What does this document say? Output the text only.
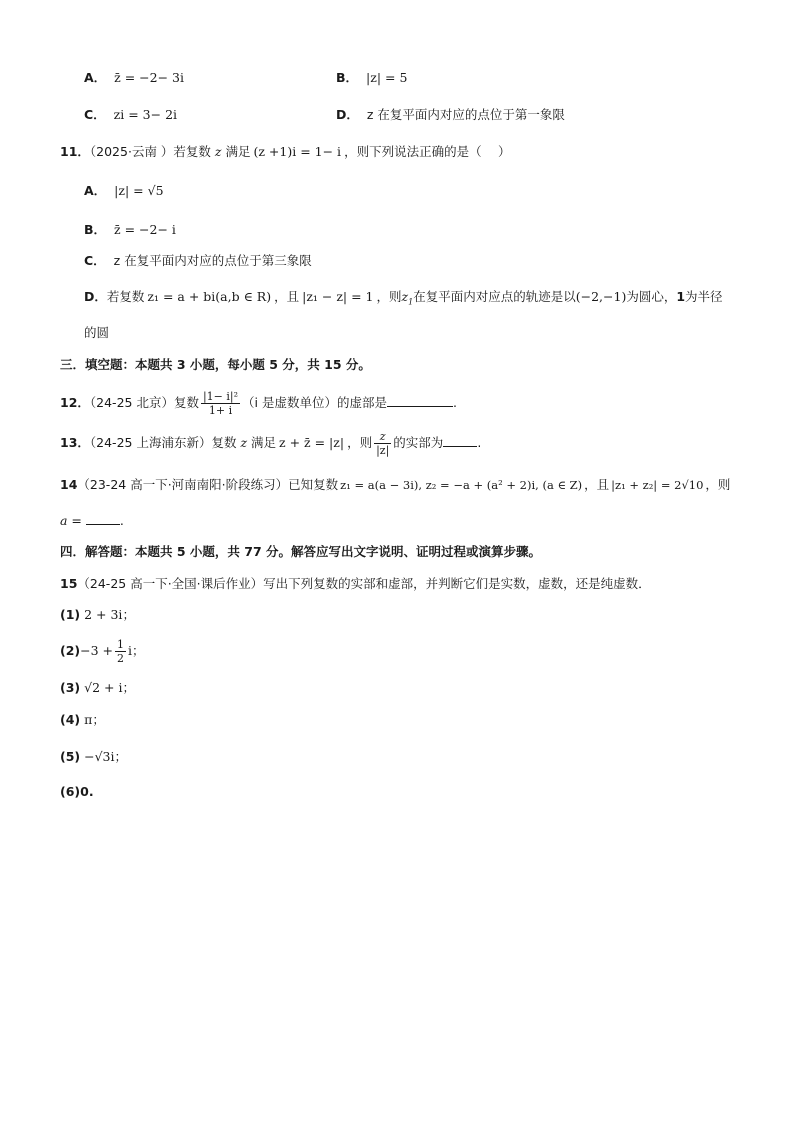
A． z̄ = −2− 3i	B． |z| = 5
C． zi = 3− 2i	D． z 在复平面内对应的点位于第一象限
11．（2025·云南 ）若复数 z 满足 (z +1)i = 1− i ，则下列说法正确的是（　 ）
A． |z| = √5
B． z̄ = −2− i
C． z 在复平面内对应的点位于第三象限
D．若复数 z₁ = a + bi(a,b ∈ R) ，且 |z₁ − z| = 1 ，则$z_1$在复平面内对应点的轨迹是以(−2,−1)为圆心，1为半径
的圆
三．填空题：本题共 3 小题，每小题 5 分，共 15 分。
12．（24-25 北京）复数 $\frac{\text{|1− i|²}}{1+ i} (i$ 是虚数单位）的虚部是	.
13．（24-25 上海浦东新）复数 z 满足 z + z̄ = |z| ，则 $\frac{z}{|z|}$ 的实部为	.
14（23-24 高一下·河南南阳·阶段练习）已知复数 z₁ = a(a − 3i), z₂ = −a + (a² + 2)i, (a ∈ Z) ，且 |z₁ + z₂| = 2√10 ，则
a =	.
四．解答题：本题共 5 小题，共 77 分。解答应写出文字说明、证明过程或演算步骤。
15（24-25 高一下·全国·课后作业）写出下列复数的实部和虚部，并判断它们是实数，虚数，还是纯虚数．
(1) 2 + 3i；
$(2)-3 + \frac{1}{2}$ i；
(3) √2 + i；
(4) π；
(5) −√3i；
(6)0.
